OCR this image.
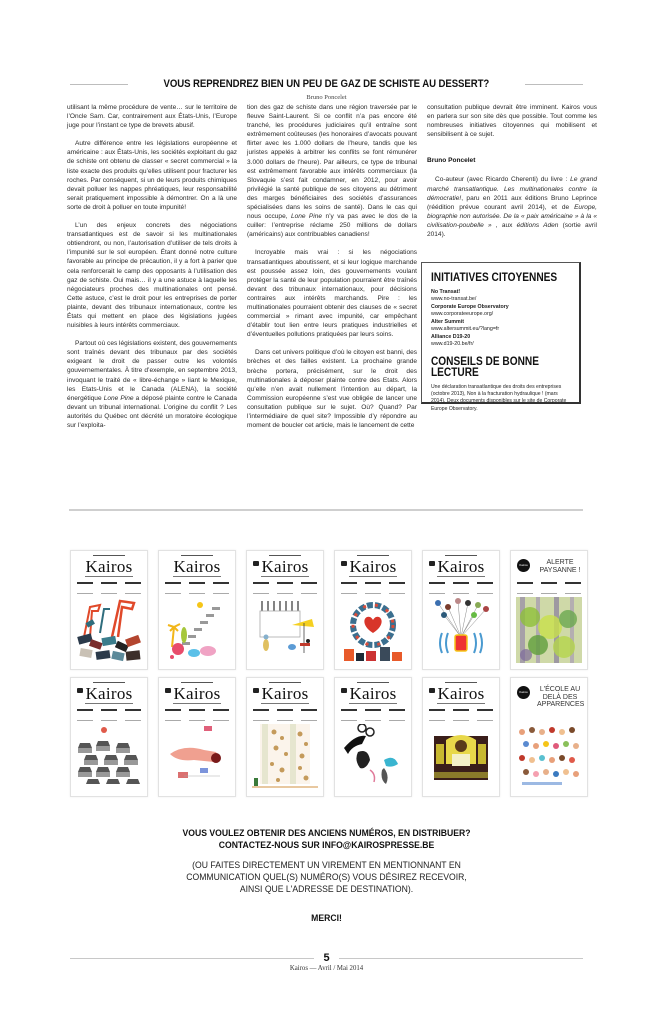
VOUS REPRENDREZ BIEN UN PEU DE GAZ DE SCHISTE AU DESSERT?
Bruno Poncelet

utilisant la même procédure de vente… sur le territoire de l’Oncle Sam. Car, contrairement aux États-Unis, l’Europe juge pour l’instant ce type de brevets abusif.

Autre différence entre les législations européenne et américaine : aux États-Unis, les sociétés exploitant du gaz de schiste ont obtenu de classer « secret commercial » la liste exacte des produits qu’elles utilisent pour fracturer les roches. Par conséquent, si un de leurs produits chimiques devait polluer les nappes phréatiques, leur responsabilité serait pratiquement impossible à démontrer. On a là une sorte de droit à polluer en toute impunité!

L’un des enjeux concrets des négociations transatlantiques est de savoir si les multinationales obtiendront, ou non, l’autorisation d’utiliser de tels droits à l’impunité sur le sol européen. Étant donné notre culture favorable au principe de précaution, il y a fort à parier que cela renforcerait le camp des opposants à l’utilisation des gaz de schiste. Oui mais… il y a une astuce à laquelle les négociateurs proches des multinationales ont pensé. Cette astuce, c’est le droit pour les entreprises de porter plainte, devant des tribunaux internationaux, contre les États qui mettent en place des législations jugées nuisibles à leurs intérêts commerciaux.

Partout où ces législations existent, des gouvernements sont traînés devant des tribunaux par des sociétés exigeant le droit de passer outre les volontés gouvernementales. À titre d’exemple, en septembre 2013, invoquant le traité de « libre-échange » liant le Mexique, les Etats-Unis et le Canada (ALENA), la société énergétique Lone Pine a déposé plainte contre le Canada devant un tribunal international. L’origine du conflit ? Les autorités du Québec ont décrété un moratoire écologique sur l’exploita-

tion des gaz de schiste dans une région traversée par le fleuve Saint-Laurent. Si ce conflit n’a pas encore été tranché, les procédures judiciaires qu’il entraîne sont extrêmement coûteuses (les honoraires d’avocats pouvant flirter avec les 1.000 dollars de l’heure, tandis que les juristes appelés à arbitrer les conflits se font rémunérer 3.000 dollars de l’heure). Par ailleurs, ce type de tribunal est extrêmement favorable aux intérêts commerciaux (la Slovaquie s’est fait condamner, en 2012, pour avoir privilégié la santé publique de ses citoyens au détriment des marges bénéficiaires des sociétés d’assurances spécialisées dans les soins de santé). Dans le cas qui nous occupe, Lone Pine n’y va pas avec le dos de la cuiller: l’entreprise réclame 250 millions de dollars (américains) aux contribuables canadiens!

Incroyable mais vrai : si les négociations transatlantiques aboutissent, et si leur logique marchande est poussée assez loin, des gouvernements voulant protéger la santé de leur population pourraient être traînés devant des tribunaux internationaux, pour décisions contraires aux intérêts marchands. Pire : les multinationales pourraient obtenir des clauses de « secret commercial » rimant avec impunité, car empêchant d’établir tout lien entre leurs pratiques industrielles et d’éventuelles pollutions pratiquées par leurs soins.

Dans cet univers politique d’où le citoyen est banni, des brèches et des failles existent. La prochaine grande brèche portera, précisément, sur le droit des multinationales à déposer plainte contre des Etats. Alors qu’elle n’en avait nullement l’intention au départ, la Commission européenne s’est vue obligée de lancer une consultation publique sur le sujet. Où? Quand? Par l’intermédiaire de quel site? Impossible d’y répondre au moment de boucler cet article, mais le lancement de cette

consultation publique devrait être imminent. Kairos vous en parlera sur son site dès que possible. Tout comme les nombreuses initiatives citoyennes qui mobilisent et sensibilisent à ce sujet.

Bruno Poncelet

Co-auteur (avec Ricardo Cherenti) du livre : Le grand marché transatlantique. Les multinationales contre la démocratie!, paru en 2011 aux éditions Bruno Leprince (réédition prévue courant avril 2014), et de Europe, biographie non autorisée. De la « paix américaine » à la « civilisation-poubelle » , aux éditions Aden (sortie avril 2014).

INITIATIVES CITOYENNES
No Transat!
www.no-transat.be/
Corporate Europe Observatory
www.corporateeurope.org/
Alter Summit
www.altersummit.eu/?lang=fr
Alliance D19-20
www.d19-20.be/fr/
CONSEILS DE BONNE LECTURE
Une déclaration transatlantique des droits des entreprises (octobre 2013), Non à la fracturation hydraulique ! (mars 2014). Deux documents disponibles sur le site de Corporate Europe Observatory.
Kairos	Kairos	Kairos	Kairos	Kairos	Kairos	ALERTE PAYSANNE !
Kairos	Kairos	Kairos	Kairos	Kairos	Kairos	L'ÉCOLE AU DELÀ DES APPARENCES
VOUS VOULEZ OBTENIR DES ANCIENS NUMÉROS, EN DISTRIBUER?
CONTACTEZ-NOUS SUR INFO@KAIROSPRESSE.BE
(OU FAITES DIRECTEMENT UN VIREMENT EN MENTIONNANT EN
COMMUNICATION QUEL(S) NUMÉRO(S) VOUS DÉSIREZ RECEVOIR,
AINSI QUE L'ADRESSE DE DESTINATION).
MERCI!
5
Kairos — Avril / Mai 2014
